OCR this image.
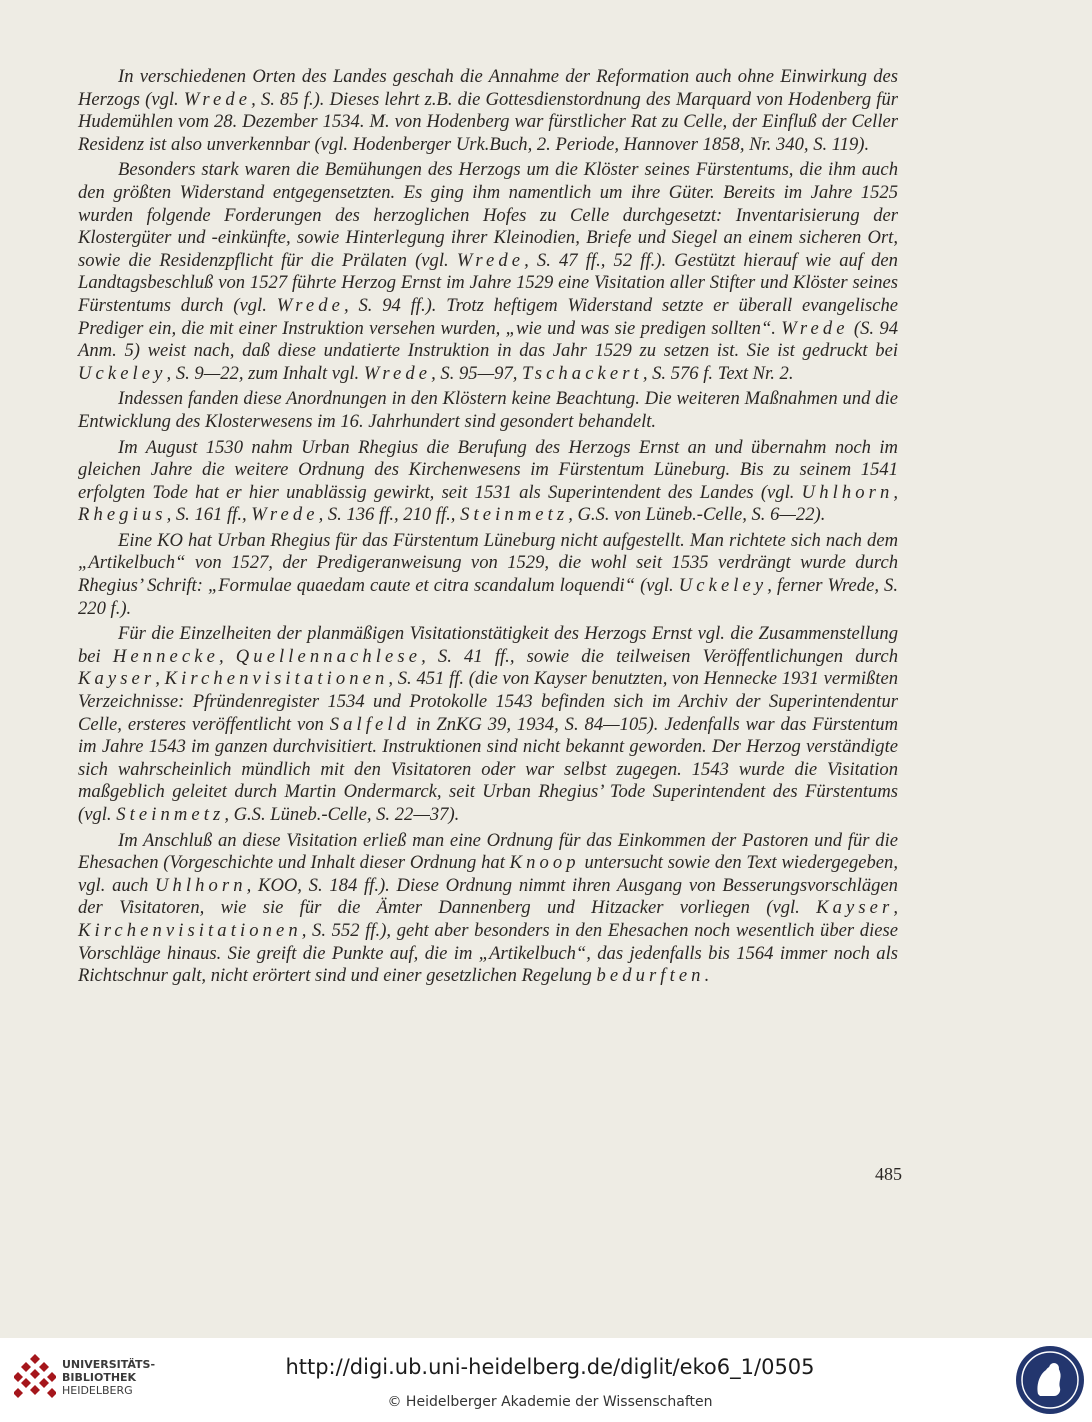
In verschiedenen Orten des Landes geschah die Annahme der Reformation auch ohne Einwirkung des Herzogs (vgl. Wrede, S. 85 f.). Dieses lehrt z.B. die Gottesdienstordnung des Marquard von Hodenberg für Hudemühlen vom 28. Dezember 1534. M. von Hodenberg war fürstlicher Rat zu Celle, der Einfluß der Celler Residenz ist also unverkennbar (vgl. Hodenberger Urk.Buch, 2. Periode, Hannover 1858, Nr. 340, S. 119).

Besonders stark waren die Bemühungen des Herzogs um die Klöster seines Fürstentums, die ihm auch den größten Widerstand entgegensetzten. Es ging ihm namentlich um ihre Güter. Bereits im Jahre 1525 wurden folgende Forderungen des herzoglichen Hofes zu Celle durchgesetzt: Inventarisierung der Klostergüter und -einkünfte, sowie Hinterlegung ihrer Kleinodien, Briefe und Siegel an einem sicheren Ort, sowie die Residenzpflicht für die Prälaten (vgl. Wrede, S. 47 ff., 52 ff.). Gestützt hierauf wie auf den Landtagsbeschluß von 1527 führte Herzog Ernst im Jahre 1529 eine Visitation aller Stifter und Klöster seines Fürstentums durch (vgl. Wrede, S. 94 ff.). Trotz heftigem Widerstand setzte er überall evangelische Prediger ein, die mit einer Instruktion versehen wurden, „wie und was sie predigen sollten“. Wrede (S. 94 Anm. 5) weist nach, daß diese undatierte Instruktion in das Jahr 1529 zu setzen ist. Sie ist gedruckt bei Uckeley, S. 9—22, zum Inhalt vgl. Wrede, S. 95—97, Tschackert, S. 576 f. Text Nr. 2.

Indessen fanden diese Anordnungen in den Klöstern keine Beachtung. Die weiteren Maßnahmen und die Entwicklung des Klosterwesens im 16. Jahrhundert sind gesondert behandelt.

Im August 1530 nahm Urban Rhegius die Berufung des Herzogs Ernst an und übernahm noch im gleichen Jahre die weitere Ordnung des Kirchenwesens im Fürstentum Lüneburg. Bis zu seinem 1541 erfolgten Tode hat er hier unablässig gewirkt, seit 1531 als Superintendent des Landes (vgl. Uhlhorn, Rhegius, S. 161 ff., Wrede, S. 136 ff., 210 ff., Steinmetz, G.S. von Lüneb.-Celle, S. 6—22).

Eine KO hat Urban Rhegius für das Fürstentum Lüneburg nicht aufgestellt. Man richtete sich nach dem „Artikelbuch“ von 1527, der Predigeranweisung von 1529, die wohl seit 1535 verdrängt wurde durch Rhegius’ Schrift: „Formulae quaedam caute et citra scandalum loquendi“ (vgl. Uckeley, ferner Wrede, S. 220 f.).

Für die Einzelheiten der planmäßigen Visitationstätigkeit des Herzogs Ernst vgl. die Zusammenstellung bei Hennecke, Quellennachlese, S. 41 ff., sowie die teilweisen Veröffentlichungen durch Kayser, Kirchenvisitationen, S. 451 ff. (die von Kayser benutzten, von Hennecke 1931 vermißten Verzeichnisse: Pfründenregister 1534 und Protokolle 1543 befinden sich im Archiv der Superintendentur Celle, ersteres veröffentlicht von Salfeld in ZnKG 39, 1934, S. 84—105). Jedenfalls war das Fürstentum im Jahre 1543 im ganzen durchvisitiert. Instruktionen sind nicht bekannt geworden. Der Herzog verständigte sich wahrscheinlich mündlich mit den Visitatoren oder war selbst zugegen. 1543 wurde die Visitation maßgeblich geleitet durch Martin Ondermarck, seit Urban Rhegius’ Tode Superintendent des Fürstentums (vgl. Steinmetz, G.S. Lüneb.-Celle, S. 22—37).

Im Anschluß an diese Visitation erließ man eine Ordnung für das Einkommen der Pastoren und für die Ehesachen (Vorgeschichte und Inhalt dieser Ordnung hat Knoop untersucht sowie den Text wiedergegeben, vgl. auch Uhlhorn, KOO, S. 184 ff.). Diese Ordnung nimmt ihren Ausgang von Besserungsvorschlägen der Visitatoren, wie sie für die Ämter Dannenberg und Hitzacker vorliegen (vgl. Kayser, Kirchenvisitationen, S. 552 ff.), geht aber besonders in den Ehesachen noch wesentlich über diese Vorschläge hinaus. Sie greift die Punkte auf, die im „Artikelbuch“, das jedenfalls bis 1564 immer noch als Richtschnur galt, nicht erörtert sind und einer gesetzlichen Regelung bedurften.

485
UNIVERSITÄTS-
BIBLIOTHEK
HEIDELBERG
http://digi.ub.uni-heidelberg.de/diglit/eko6_1/0505
© Heidelberger Akademie der Wissenschaften
